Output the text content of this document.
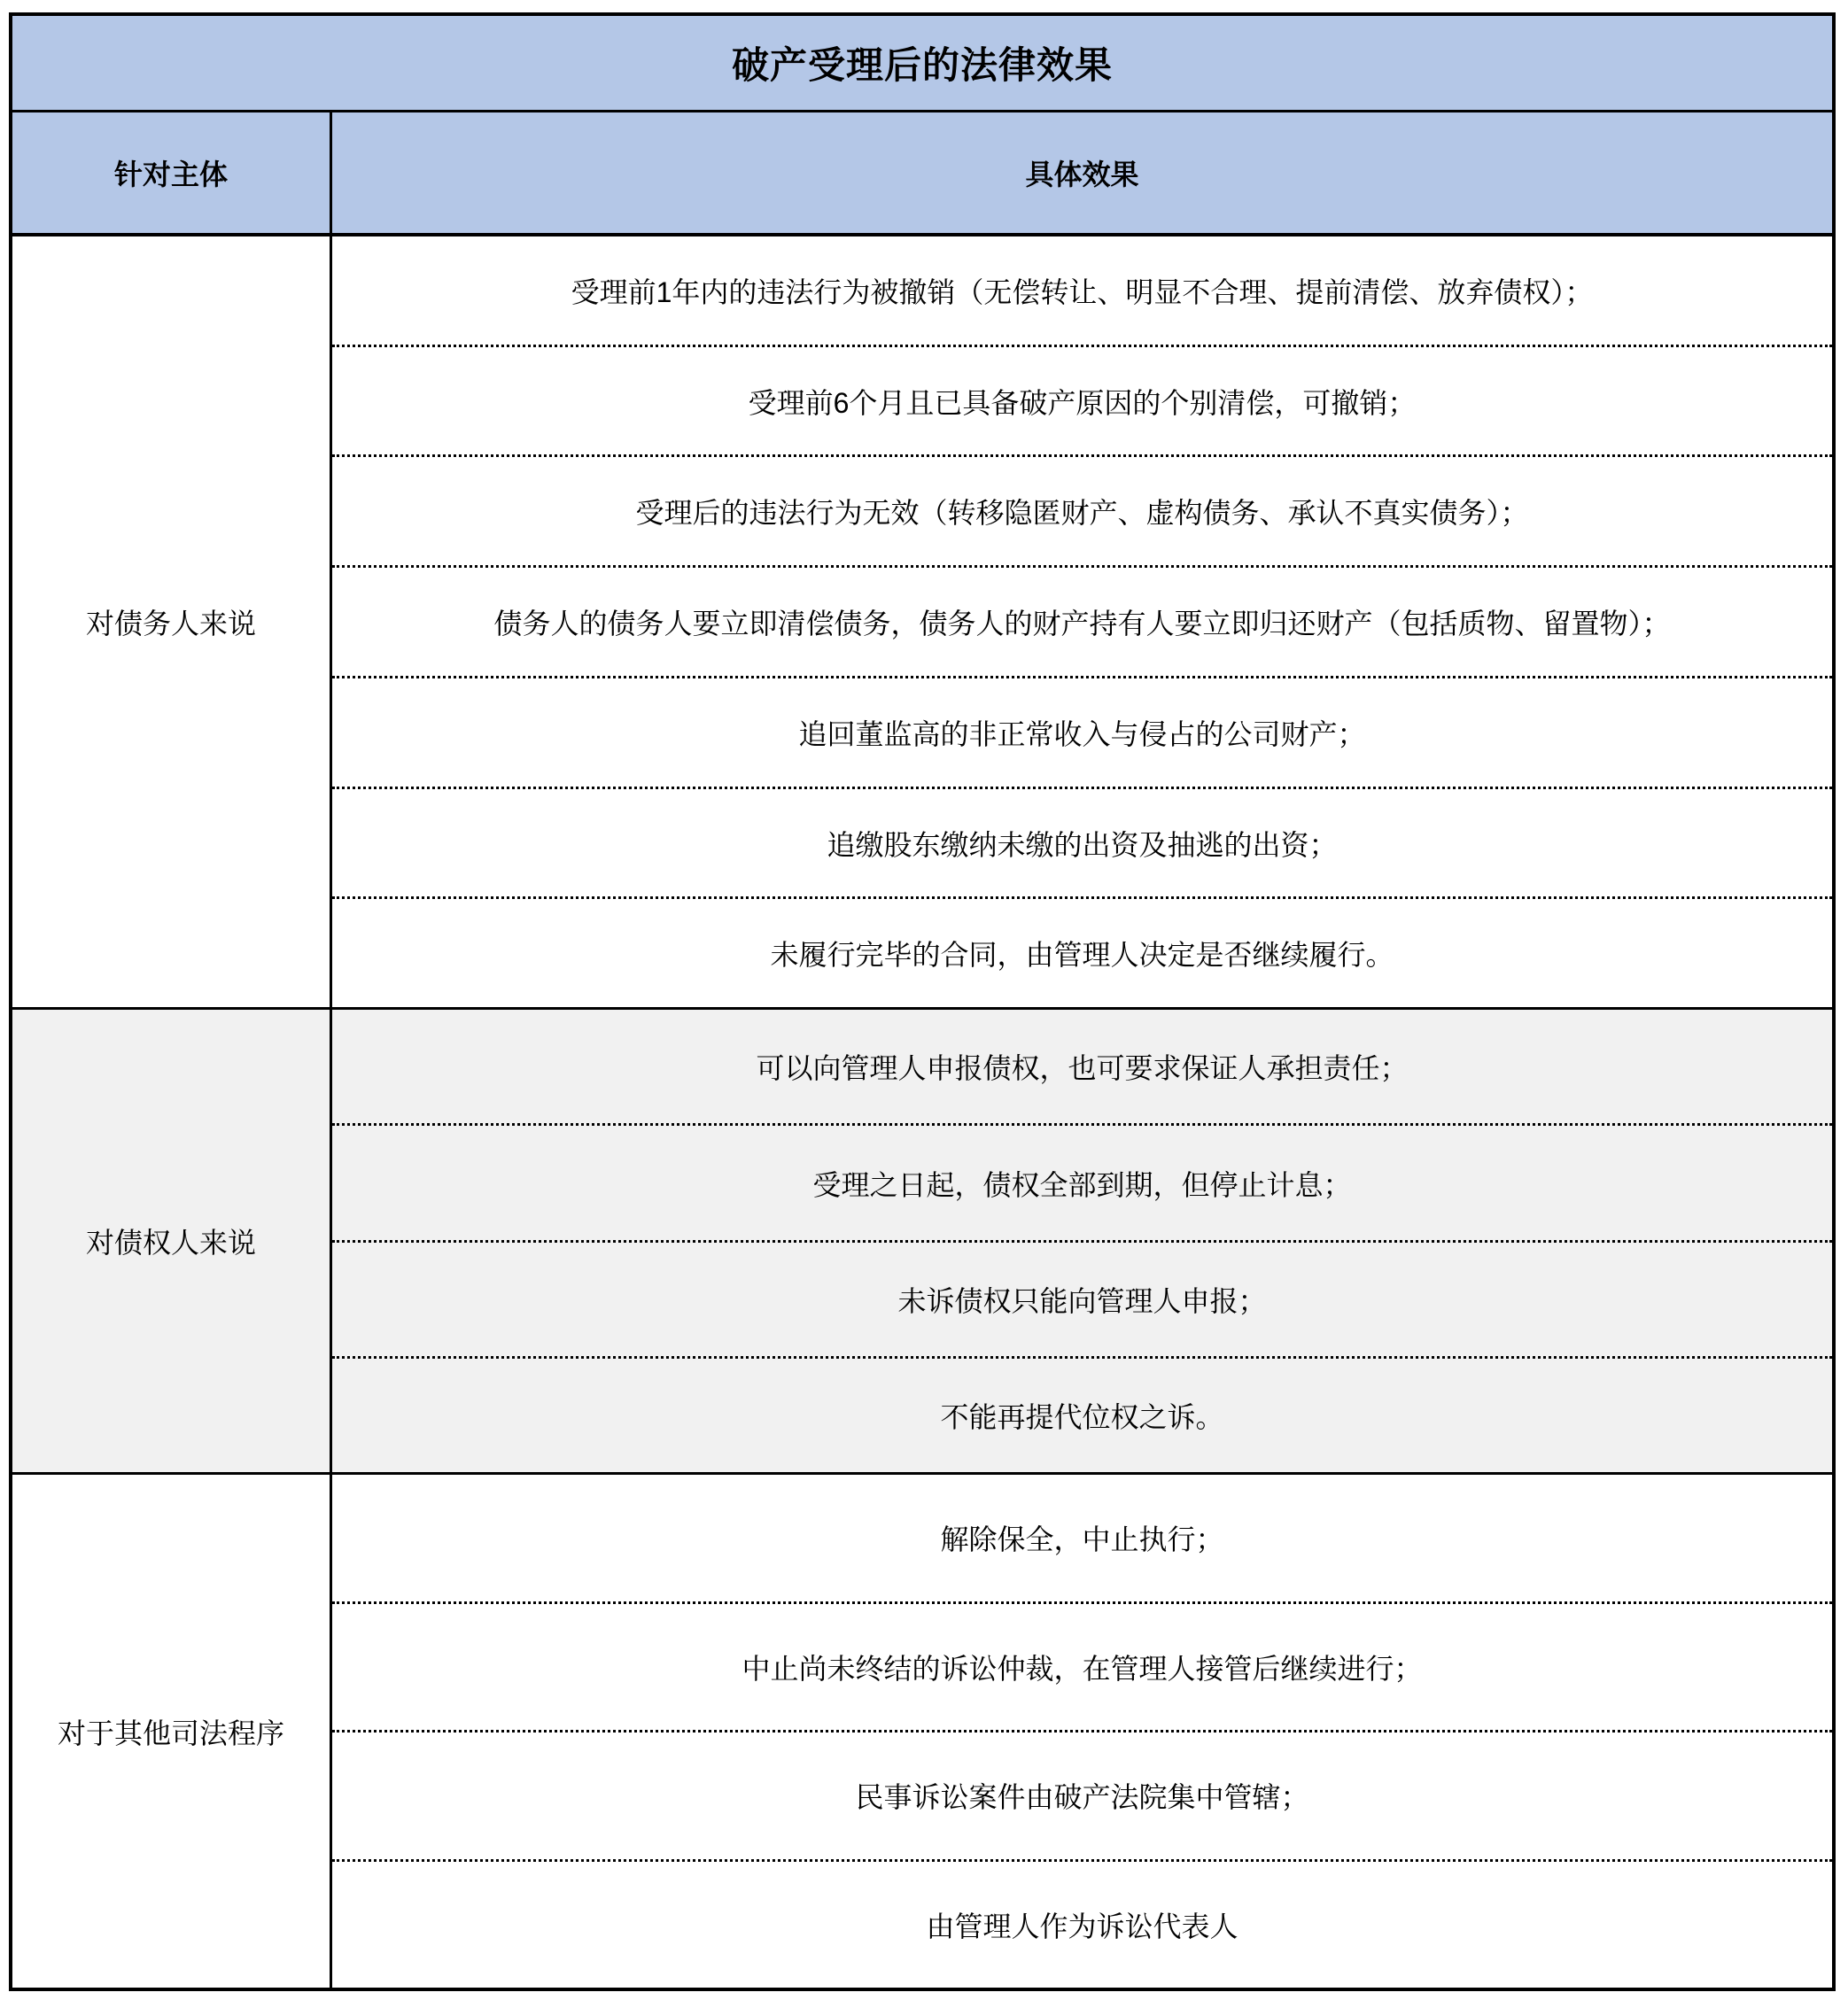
破产受理后的法律效果
针对主体	具体效果
对债务人来说
受理前1年内的违法行为被撤销（无偿转让、明显不合理、提前清偿、放弃债权）；
受理前6个月且已具备破产原因的个别清偿，可撤销；
受理后的违法行为无效（转移隐匿财产、虚构债务、承认不真实债务）；
债务人的债务人要立即清偿债务，债务人的财产持有人要立即归还财产（包括质物、留置物）；
追回董监高的非正常收入与侵占的公司财产；
追缴股东缴纳未缴的出资及抽逃的出资；
未履行完毕的合同，由管理人决定是否继续履行。
对债权人来说
可以向管理人申报债权，也可要求保证人承担责任；
受理之日起，债权全部到期，但停止计息；
未诉债权只能向管理人申报；
不能再提代位权之诉。
对于其他司法程序
解除保全，中止执行；
中止尚未终结的诉讼仲裁，在管理人接管后继续进行；
民事诉讼案件由破产法院集中管辖；
由管理人作为诉讼代表人
